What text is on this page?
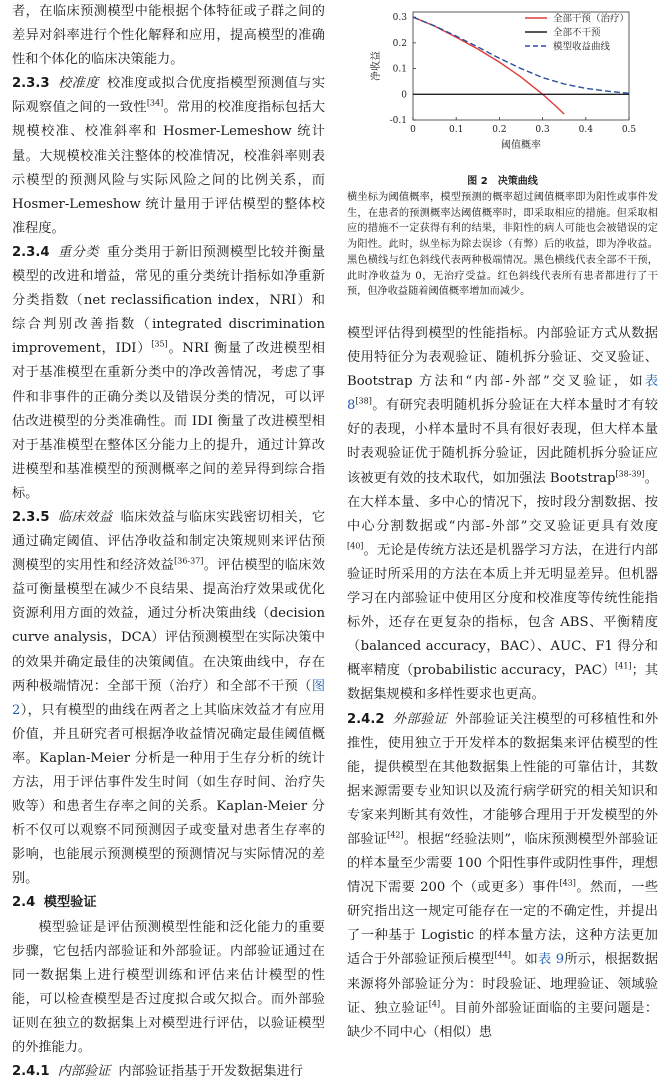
者，在临床预测模型中能根据个体特征或子群之间的差异对斜率进行个性化解释和应用，提高模型的准确性和个体化的临床决策能力。

2.3.3 校准度 校准度或拟合优度指模型预测值与实际观察值之间的一致性[34]。常用的校准度指标包括大规模校准、校准斜率和 Hosmer-Lemeshow 统计量。大规模校准关注整体的校准情况，校准斜率则表示模型的预测风险与实际风险之间的比例关系，而 Hosmer-Lemeshow 统计量用于评估模型的整体校准程度。

2.3.4 重分类 重分类用于新旧预测模型比较并衡量模型的改进和增益，常见的重分类统计指标如净重新分类指数（net reclassification index，NRI）和综合判别改善指数（integrated discrimination improvement，IDI）[35]。NRI 衡量了改进模型相对于基准模型在重新分类中的净改善情况，考虑了事件和非事件的正确分类以及错误分类的情况，可以评估改进模型的分类准确性。而 IDI 衡量了改进模型相对于基准模型在整体区分能力上的提升，通过计算改进模型和基准模型的预测概率之间的差异得到综合指标。

2.3.5 临床效益 临床效益与临床实践密切相关，它通过确定阈值、评估净收益和制定决策规则来评估预测模型的实用性和经济效益[36-37]。评估模型的临床效益可衡量模型在减少不良结果、提高治疗效果或优化资源利用方面的效益，通过分析决策曲线（decision curve analysis，DCA）评估预测模型在实际决策中的效果并确定最佳的决策阈值。在决策曲线中，存在两种极端情况：全部干预（治疗）和全部不干预（图 2），只有模型的曲线在两者之上其临床效益才有应用价值，并且研究者可根据净收益情况确定最佳阈值概率。Kaplan-Meier 分析是一种用于生存分析的统计方法，用于评估事件发生时间（如生存时间、治疗失败等）和患者生存率之间的关系。Kaplan-Meier 分析不仅可以观察不同预测因子或变量对患者生存率的影响，也能展示预测模型的预测情况与实际情况的差别。

2.4 模型验证

模型验证是评估预测模型性能和泛化能力的重要步骤，它包括内部验证和外部验证。内部验证通过在同一数据集上进行模型训练和评估来估计模型的性能，可以检查模型是否过度拟合或欠拟合。而外部验证则在独立的数据集上对模型进行评估，以验证模型的外推能力。

2.4.1 内部验证 内部验证指基于开发数据集进行

0	0.1	0.2	0.3	0.4	0.5
-0.1
0
0.1
0.2
0.3
阈值概率
净收益
全部干预（治疗）
全部不干预
模型收益曲线
图 2　决策曲线
横坐标为阈值概率，模型预测的概率超过阈值概率即为阳性或事件发生，在患者的预测概率达阈值概率时，即采取相应的措施。但采取相应的措施不一定获得有利的结果，非阳性的病人可能也会被错误的定为阳性。此时，纵坐标为除去误诊（有弊）后的收益，即为净收益。黑色横线与红色斜线代表两种极端情况。黑色横线代表全部不干预，此时净收益为 0，无治疗受益。红色斜线代表所有患者都进行了干预，但净收益随着阈值概率增加而减少。

模型评估得到模型的性能指标。内部验证方式从数据使用特征分为表观验证、随机拆分验证、交叉验证、Bootstrap 方法和“内部-外部”交叉验证，如表 8[38]。有研究表明随机拆分验证在大样本量时才有较好的表现，小样本量时不具有很好表现，但大样本量时表观验证优于随机拆分验证，因此随机拆分验证应该被更有效的技术取代，如加强法 Bootstrap[38-39]。在大样本量、多中心的情况下，按时段分割数据、按中心分割数据或“内部-外部”交叉验证更具有效度[40]。无论是传统方法还是机器学习方法，在进行内部验证时所采用的方法在本质上并无明显差异。但机器学习在内部验证中使用区分度和校准度等传统性能指标外，还存在更复杂的指标，包含 ABS、平衡精度（balanced accuracy，BAC）、AUC、F1 得分和概率精度（probabilistic accuracy，PAC）[41]；其数据集规模和多样性要求也更高。

2.4.2 外部验证 外部验证关注模型的可移植性和外推性，使用独立于开发样本的数据集来评估模型的性能，提供模型在其他数据集上性能的可靠估计，其数据来源需要专业知识以及流行病学研究的相关知识和专家来判断其有效性，才能够合理用于开发模型的外部验证[42]。根据“经验法则”，临床预测模型外部验证的样本量至少需要 100 个阳性事件或阴性事件，理想情况下需要 200 个（或更多）事件[43]。然而，一些研究指出这一规定可能存在一定的不确定性，并提出了一种基于 Logistic 的样本量方法，这种方法更加适合于外部验证预后模型[44]。如表 9所示，根据数据来源将外部验证分为：时段验证、地理验证、领域验证、独立验证[4]。目前外部验证面临的主要问题是：缺少不同中心（相似）患
